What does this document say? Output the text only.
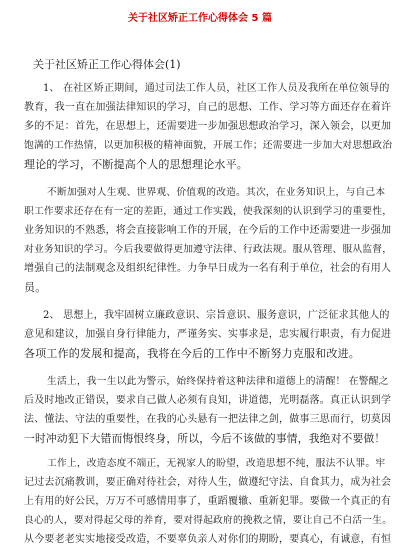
关于社区矫正工作心得体会 5 篇
关于社区矫正工作心得体会(1)
1、 在社区矫正期间，通过司法工作人员，社区工作人员及我所在单位领导的
教育，我一直在加强法律知识的学习，自己的思想、工作、学习等方面还存在着许
多的不足：首先，在思想上，还需要进一步加强思想政治学习，深入领会，以更加
饱满的工作热情，以更加积极的精神面貌，开展工作；还需要进一步加大对思想政治
理论的学习，不断提高个人的思想理论水平。
不断加强对人生观、世界观、价值观的改造。其次，在业务知识上，与自己本
职工作要求还存在有一定的差距，通过工作实践，使我深刻的认识到学习的重要性，
业务知识的不熟悉，将会直接影响工作的开展，在今后的工作中还需要进一步强加
对业务知识的学习。今后我要做得更加遵守法律、行政法规。服从管理、服从监督，
增强自己的法制观念及组织纪律性。力争早日成为一名有利于单位，社会的有用人
员。
2、 思想上，我牢固树立廉政意识、宗旨意识、服务意识，广泛征求其他人的
意见和建议，加强自身行律能力，严谨务实、实事求是，忠实履行职责，有力促进
各项工作的发展和提高，我将在今后的工作中不断努力克服和改进。
生活上，我一生以此为警示，始终保持着这种法律和道德上的清醒！ 在警醒之
后及时地改正错误，要求自己做人必须有良知，讲道德，光明磊落。真正认识到学
法、懂法、守法的重要性，在我的心头悬有一把法律之剑，做事三思而行，切莫因
一时冲动犯下大错而悔恨终身，所以，今后不该做的事情，我绝对不要做！
工作上，改造态度不端正，无视家人的盼望，改造思想不纯，服法不认罪。牢
记过去沉痛教训，要正确对待社会，对待人生，做遵纪守法、自食其力，成为社会
上有用的好公民，万万不可感情用事了，重蹈覆辙、重新犯罪。要做一个真正的有
良心的人，要对得起父母的养育，要对得起政府的挽救之情，要让自己不白活一生。
从今要老老实实地接受改造，不要辜负亲人对你们的期盼，要真心，有诚意，有恒
